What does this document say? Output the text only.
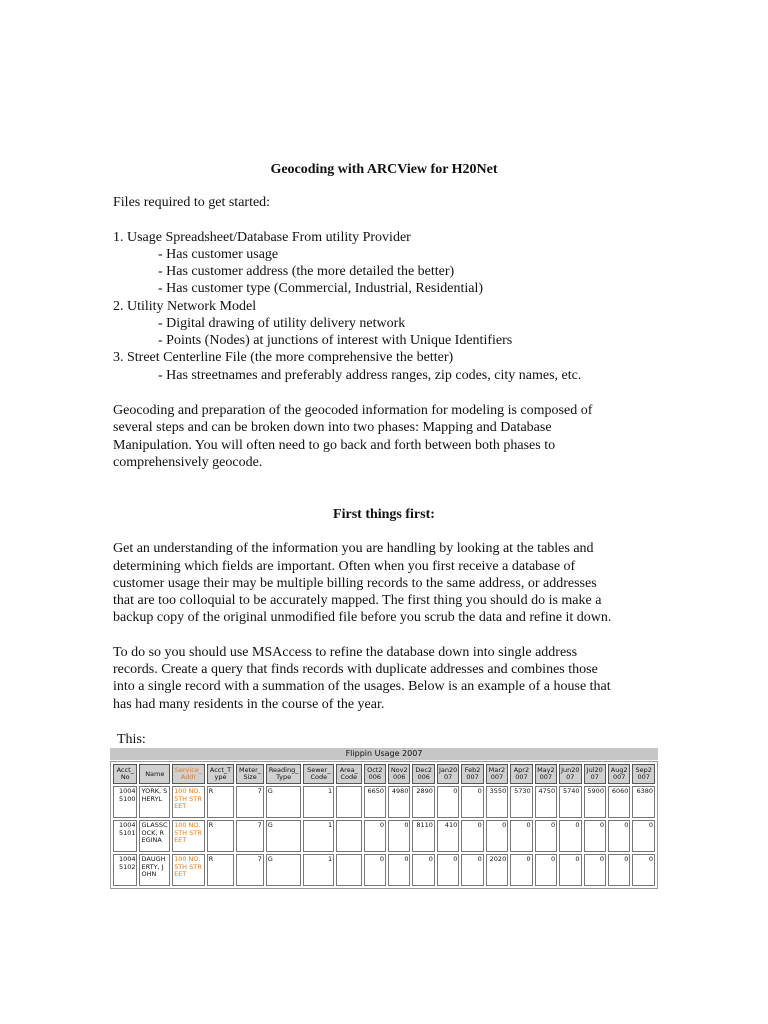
Geocoding with ARCView for H20Net
Files required to get started:
1. Usage Spreadsheet/Database From utility Provider
- Has customer usage
- Has customer address (the more detailed the better)
- Has customer type (Commercial, Industrial, Residential)
2. Utility Network Model
- Digital drawing of utility delivery network
- Points (Nodes) at junctions of interest with Unique Identifiers
3. Street Centerline File (the more comprehensive the better)
- Has streetnames and preferably address ranges, zip codes, city names, etc.
Geocoding and preparation of the geocoded information for modeling is composed of
several steps and can be broken down into two phases: Mapping and Database
Manipulation. You will often need to go back and forth between both phases to
comprehensively geocode.
First things first:
Get an understanding of the information you are handling by looking at the tables and
determining which fields are important. Often when you first receive a database of
customer usage their may be multiple billing records to the same address, or addresses
that are too colloquial to be accurately mapped. The first thing you should do is make a
backup copy of the original unmodified file before you scrub the data and refine it down.
To do so you should use MSAccess to refine the database down into single address
records. Create a query that finds records with duplicate addresses and combines those
into a single record with a summation of the usages. Below is an example of a house that
has had many residents in the course of the year.
This:
Flippin Usage 2007
Acct_No	Name	Service_Addr	Acct_Type	Meter_Size	Reading_Type	Sewer_Code	Area_Code	Oct2006	Nov2006	Dec2006	Jan2007	Feb2007	Mar2007	Apr2007	May2007	Jun2007	Jul2007	Aug2007	Sep2007
10045100	YORK, SHERYL	100 NO. 5TH STREET	R	7	G	1		6650	4980	2890	0	0	3550	5730	4750	5740	5900	6060	6380
10045101	GLASSCOCK, REGINA	100 NO. 5TH STREET	R	7	G	1		0	0	8110	410	0	0	0	0	0	0	0	0
10045102	DAUGHERTY, JOHN	100 NO. 5TH STREET	R	7	G	1		0	0	0	0	0	2020	0	0	0	0	0	0
